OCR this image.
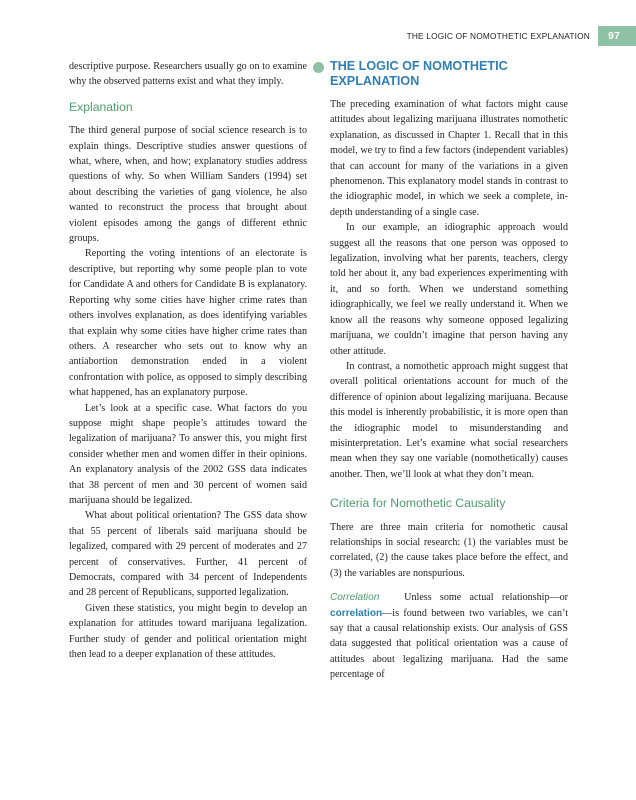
THE LOGIC OF NOMOTHETIC EXPLANATION	97

descriptive purpose. Researchers usually go on to examine why the observed patterns exist and what they imply.

Explanation

The third general purpose of social science research is to explain things. Descriptive studies answer questions of what, where, when, and how; explanatory studies address questions of why. So when William Sanders (1994) set about describing the varieties of gang violence, he also wanted to reconstruct the process that brought about violent episodes among the gangs of different ethnic groups.

Reporting the voting intentions of an electorate is descriptive, but reporting why some people plan to vote for Candidate A and others for Candidate B is explanatory. Reporting why some cities have higher crime rates than others involves explanation, as does identifying variables that explain why some cities have higher crime rates than others. A researcher who sets out to know why an antiabortion demonstration ended in a violent confrontation with police, as opposed to simply describing what happened, has an explanatory purpose.

Let’s look at a specific case. What factors do you suppose might shape people’s attitudes toward the legalization of marijuana? To answer this, you might first consider whether men and women differ in their opinions. An explanatory analysis of the 2002 GSS data indicates that 38 percent of men and 30 percent of women said marijuana should be legalized.

What about political orientation? The GSS data show that 55 percent of liberals said marijuana should be legalized, compared with 29 percent of moderates and 27 percent of conservatives. Further, 41 percent of Democrats, compared with 34 percent of Independents and 28 percent of Republicans, supported legalization.

Given these statistics, you might begin to develop an explanation for attitudes toward marijuana legalization. Further study of gender and political orientation might then lead to a deeper explanation of these attitudes.

THE LOGIC OF NOMOTHETIC
EXPLANATION

The preceding examination of what factors might cause attitudes about legalizing marijuana illustrates nomothetic explanation, as discussed in Chapter 1. Recall that in this model, we try to find a few factors (independent variables) that can account for many of the variations in a given phenomenon. This explanatory model stands in contrast to the idiographic model, in which we seek a complete, in-depth understanding of a single case.

In our example, an idiographic approach would suggest all the reasons that one person was opposed to legalization, involving what her parents, teachers, clergy told her about it, any bad experiences experimenting with it, and so forth. When we understand something idiographically, we feel we really understand it. When we know all the reasons why someone opposed legalizing marijuana, we couldn’t imagine that person having any other attitude.

In contrast, a nomothetic approach might suggest that overall political orientations account for much of the difference of opinion about legalizing marijuana. Because this model is inherently probabilistic, it is more open than the idiographic model to misunderstanding and misinterpretation. Let’s examine what social researchers mean when they say one variable (nomothetically) causes another. Then, we’ll look at what they don’t mean.

Criteria for Nomothetic Causality

There are three main criteria for nomothetic causal relationships in social research: (1) the variables must be correlated, (2) the cause takes place before the effect, and (3) the variables are nonspurious.

Correlation Unless some actual relationship—or correlation—is found between two variables, we can’t say that a causal relationship exists. Our analysis of GSS data suggested that political orientation was a cause of attitudes about legalizing marijuana. Had the same percentage of
